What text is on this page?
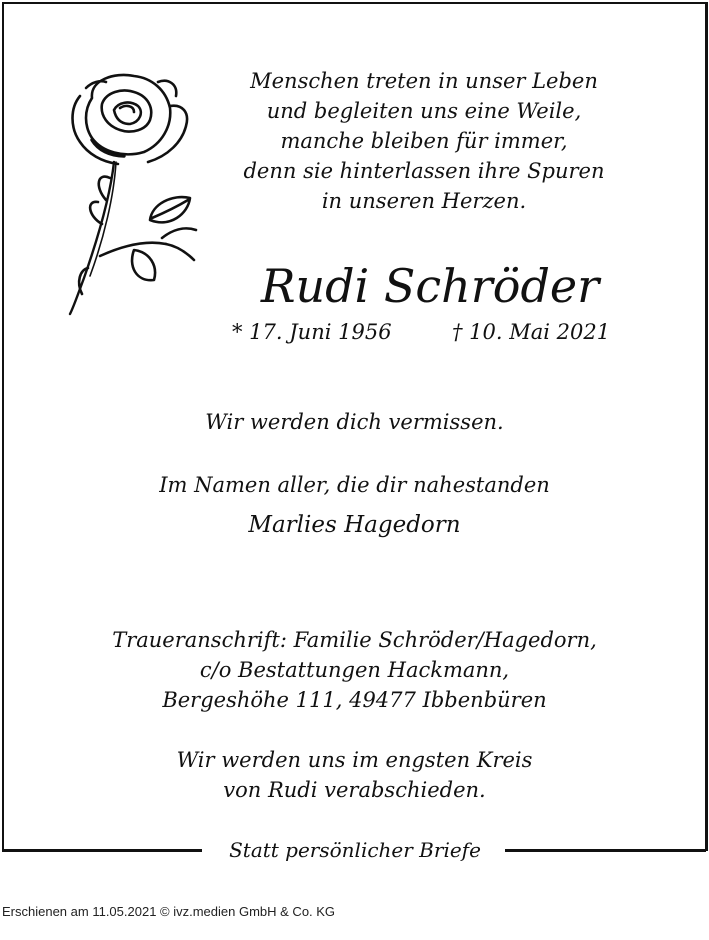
Statt persönlicher Briefe

Menschen treten in unser Leben
und begleiten uns eine Weile,
manche bleiben für immer,
denn sie hinterlassen ihre Spuren
in unseren Herzen.

Rudi Schröder
* 17. Juni 1956	† 10. Mai 2021

Wir werden dich vermissen.

Im Namen aller, die dir nahestanden

Marlies Hagedorn

Traueranschrift: Familie Schröder/Hagedorn,
c/o Bestattungen Hackmann,
Bergeshöhe 111, 49477 Ibbenbüren

Wir werden uns im engsten Kreis
von Rudi verabschieden.

Erschienen am 11.05.2021 © ivz.medien GmbH & Co. KG
